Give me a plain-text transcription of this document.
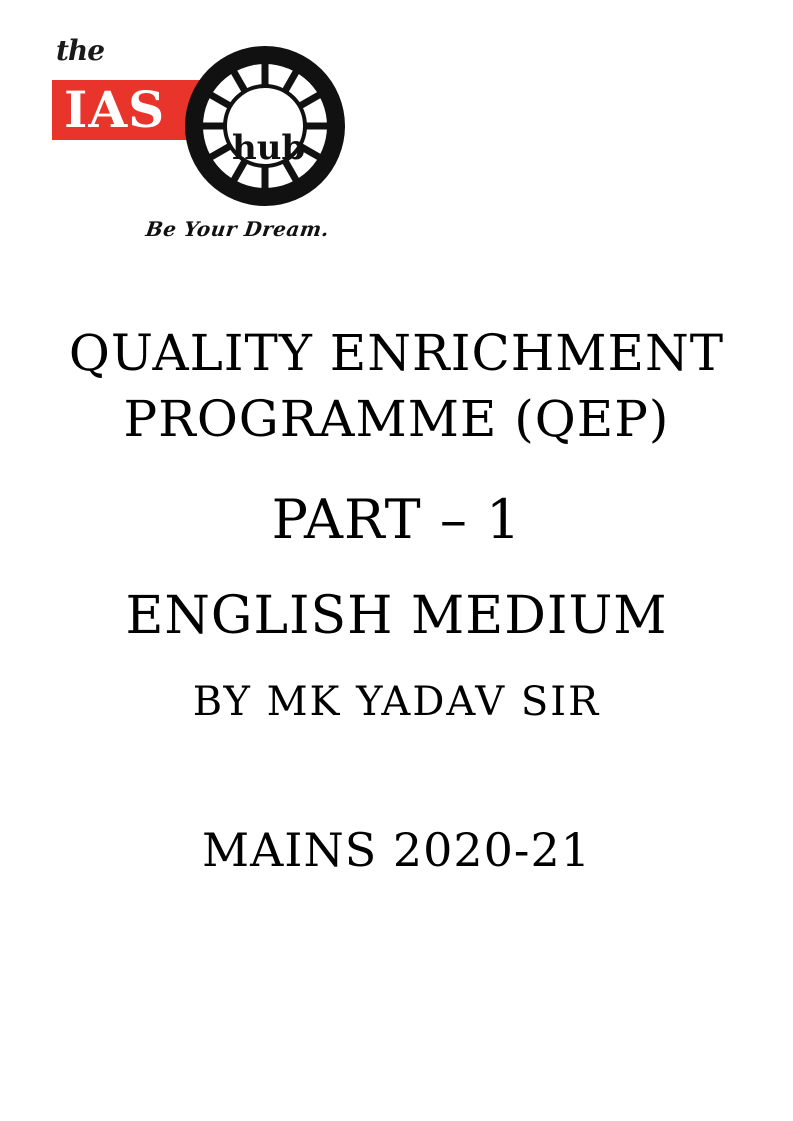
the
IAS
hub
Be Your Dream.
QUALITY ENRICHMENT
PROGRAMME (QEP)
PART – 1
ENGLISH MEDIUM
BY MK YADAV SIR
MAINS 2020-21
